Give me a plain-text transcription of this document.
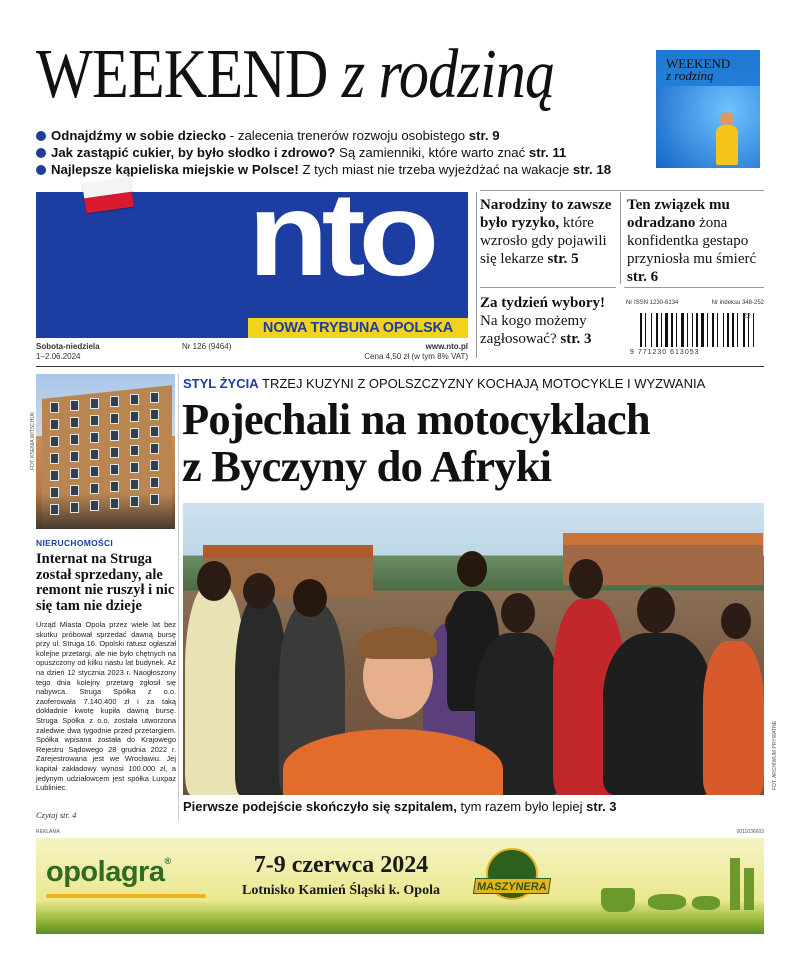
WEEKEND z rodziną
Odnajdźmy w sobie dziecko - zalecenia trenerów rozwoju osobistego str. 9
Jak zastąpić cukier, by było słodko i zdrowo? Są zamienniki, które warto znać str. 11
Najlepsze kąpieliska miejskie w Polsce! Z tych miast nie trzeba wyjeżdżać na wakacje str. 18
WEEKEND
z rodziną
nto
NOWA TRYBUNA OPOLSKA
Sobota-niedziela
1–2.06.2024
Nr 126 (9464)	www.nto.pl
Cena 4,50 zł (w tym 8% VAT)
Narodziny to zawsze było ryzyko, które wzrosło gdy pojawili się lekarze str. 5
Ten związek mu odradzano żona konfidentka gestapo przyniosła mu śmierć str. 6
Za tydzień wybory! Na kogo możemy zagłosować? str. 3
Nr ISSN 1230-6134	Nr indeksu 348-252
9 771230 613053
22
FOT. KSENIA WITSCHUK
NIERUCHOMOŚCI
Internat na Struga został sprzedany, ale remont nie ruszył i nic się tam nie dzieje
Urząd Miasta Opola przez wiele lat bez skutku próbował sprzedać dawną bursę przy ul. Struga 16. Opolski ratusz ogłaszał kolejne przetargi, ale nie było chętnych na opuszczony od kilku nastu lat budynek. Aż na dzień 12 stycznia 2023 r. Naogłoszony tego dnia kolejny przetarg zgłosił się nabywca. Struga Spółka z o.o. zaoferowała 7.140.400 zł i za taką dokładnie kwotę kupiła dawną bursę. Struga Spółka z o.o. została utworzona zaledwie dwa tygodnie przed przetargiem. Spółka wpisana została do Krajowego Rejestru Sądowego 28 grudnia 2022 r. Zarejestrowana jest we Wrocławiu. Jej kapitał zakładowy wynosi 100.000 zł, a jedynym udziałowcem jest spółka Luxpaz Lubliniec.
Czytaj str. 4
STYL ŻYCIA TRZEJ KUZYNI Z OPOLSZCZYZNY KOCHAJĄ MOTOCYKLE I WYZWANIA
Pojechali na motocyklach
z Byczyny do Afryki
FOT. ARCHIWUM PRYWATNE
Pierwsze podejście skończyło się szpitalem, tym razem było lepiej str. 3
REKLAMA	0011036603
opolagra®	7-9 czerwca 2024
Lotnisko Kamień Śląski k. Opola	MASZYNERA
